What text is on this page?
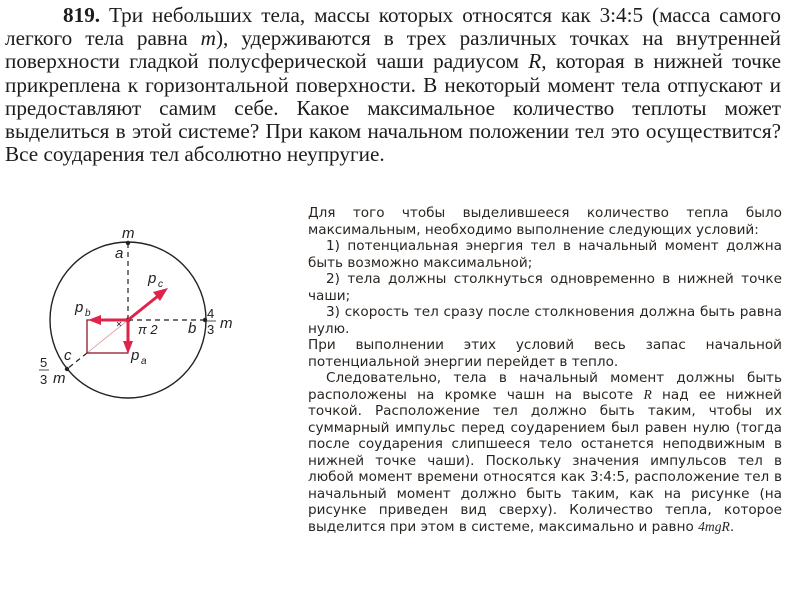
819. Три небольших тела, массы которых относятся как 3:4:5 (масса самого легкого тела равна m), удерживаются в трех различных точках на внутренней поверхности гладкой полусферической чаши радиусом R, которая в нижней точке прикреплена к горизонтальной поверхности. В некоторый момент тела отпускают и предоставляют самим себе. Какое максимальное количество теплоты может выделиться в этой системе? При каком начальном положении тел это осуществится? Все соударения тел абсолютно неупругие.

m
a
b
c
p b
p c
p a
π 2
4
3 m
5
3 m

Для того чтобы выделившееся количество тепла было максимальным, необходимо выполнение следующих условий:

1) потенциальная энергия тел в начальный момент должна быть возможно максимальной;

2) тела должны столкнуться одновременно в нижней точке чаши;

3) скорость тел сразу после столкновения должна быть равна нулю.

При выполнении этих условий весь запас начальной потенциальной энергии перейдет в тепло.

Следовательно, тела в начальный момент должны быть расположены на кромке чашн на высоте R над ее нижней точкой. Расположение тел должно быть таким, чтобы их суммарный импульс перед соударением был равен нулю (тогда после соударения слипшееся тело останется неподвижным в нижней точке чаши). Поскольку значения импульсов тел в любой момент времени относятся как 3:4:5, расположение тел в начальный момент должно быть таким, как на рисунке (на рисунке приведен вид сверху). Количество тепла, которое выделится при этом в системе, максимально и равно 4mgR.
